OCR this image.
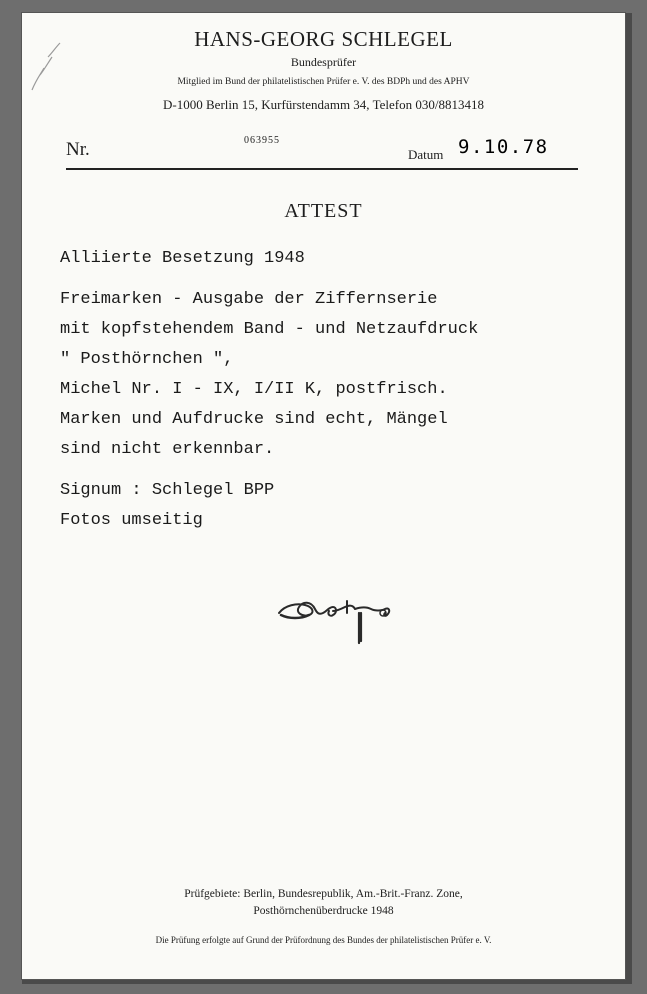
HANS-GEORG SCHLEGEL
Bundesprüfer
Mitglied im Bund der philatelistischen Prüfer e. V. des BDPh und des APHV
D-1000 Berlin 15, Kurfürstendamm 34, Telefon 030/8813418
Nr.	063955
Datum 9.10.78
ATTEST
Alliierte Besetzung 1948
Freimarken - Ausgabe der Ziffernserie
mit kopfstehendem Band - und Netzaufdruck
" Posthörnchen ",
Michel Nr. I - IX, I/II K, postfrisch.
Marken und Aufdrucke sind echt, Mängel
sind nicht erkennbar.
Signum : Schlegel BPP
Fotos umseitig
Prüfgebiete: Berlin, Bundesrepublik, Am.-Brit.-Franz. Zone,
Posthörnchenüberdrucke 1948
Die Prüfung erfolgte auf Grund der Prüfordnung des Bundes der philatelistischen Prüfer e. V.
